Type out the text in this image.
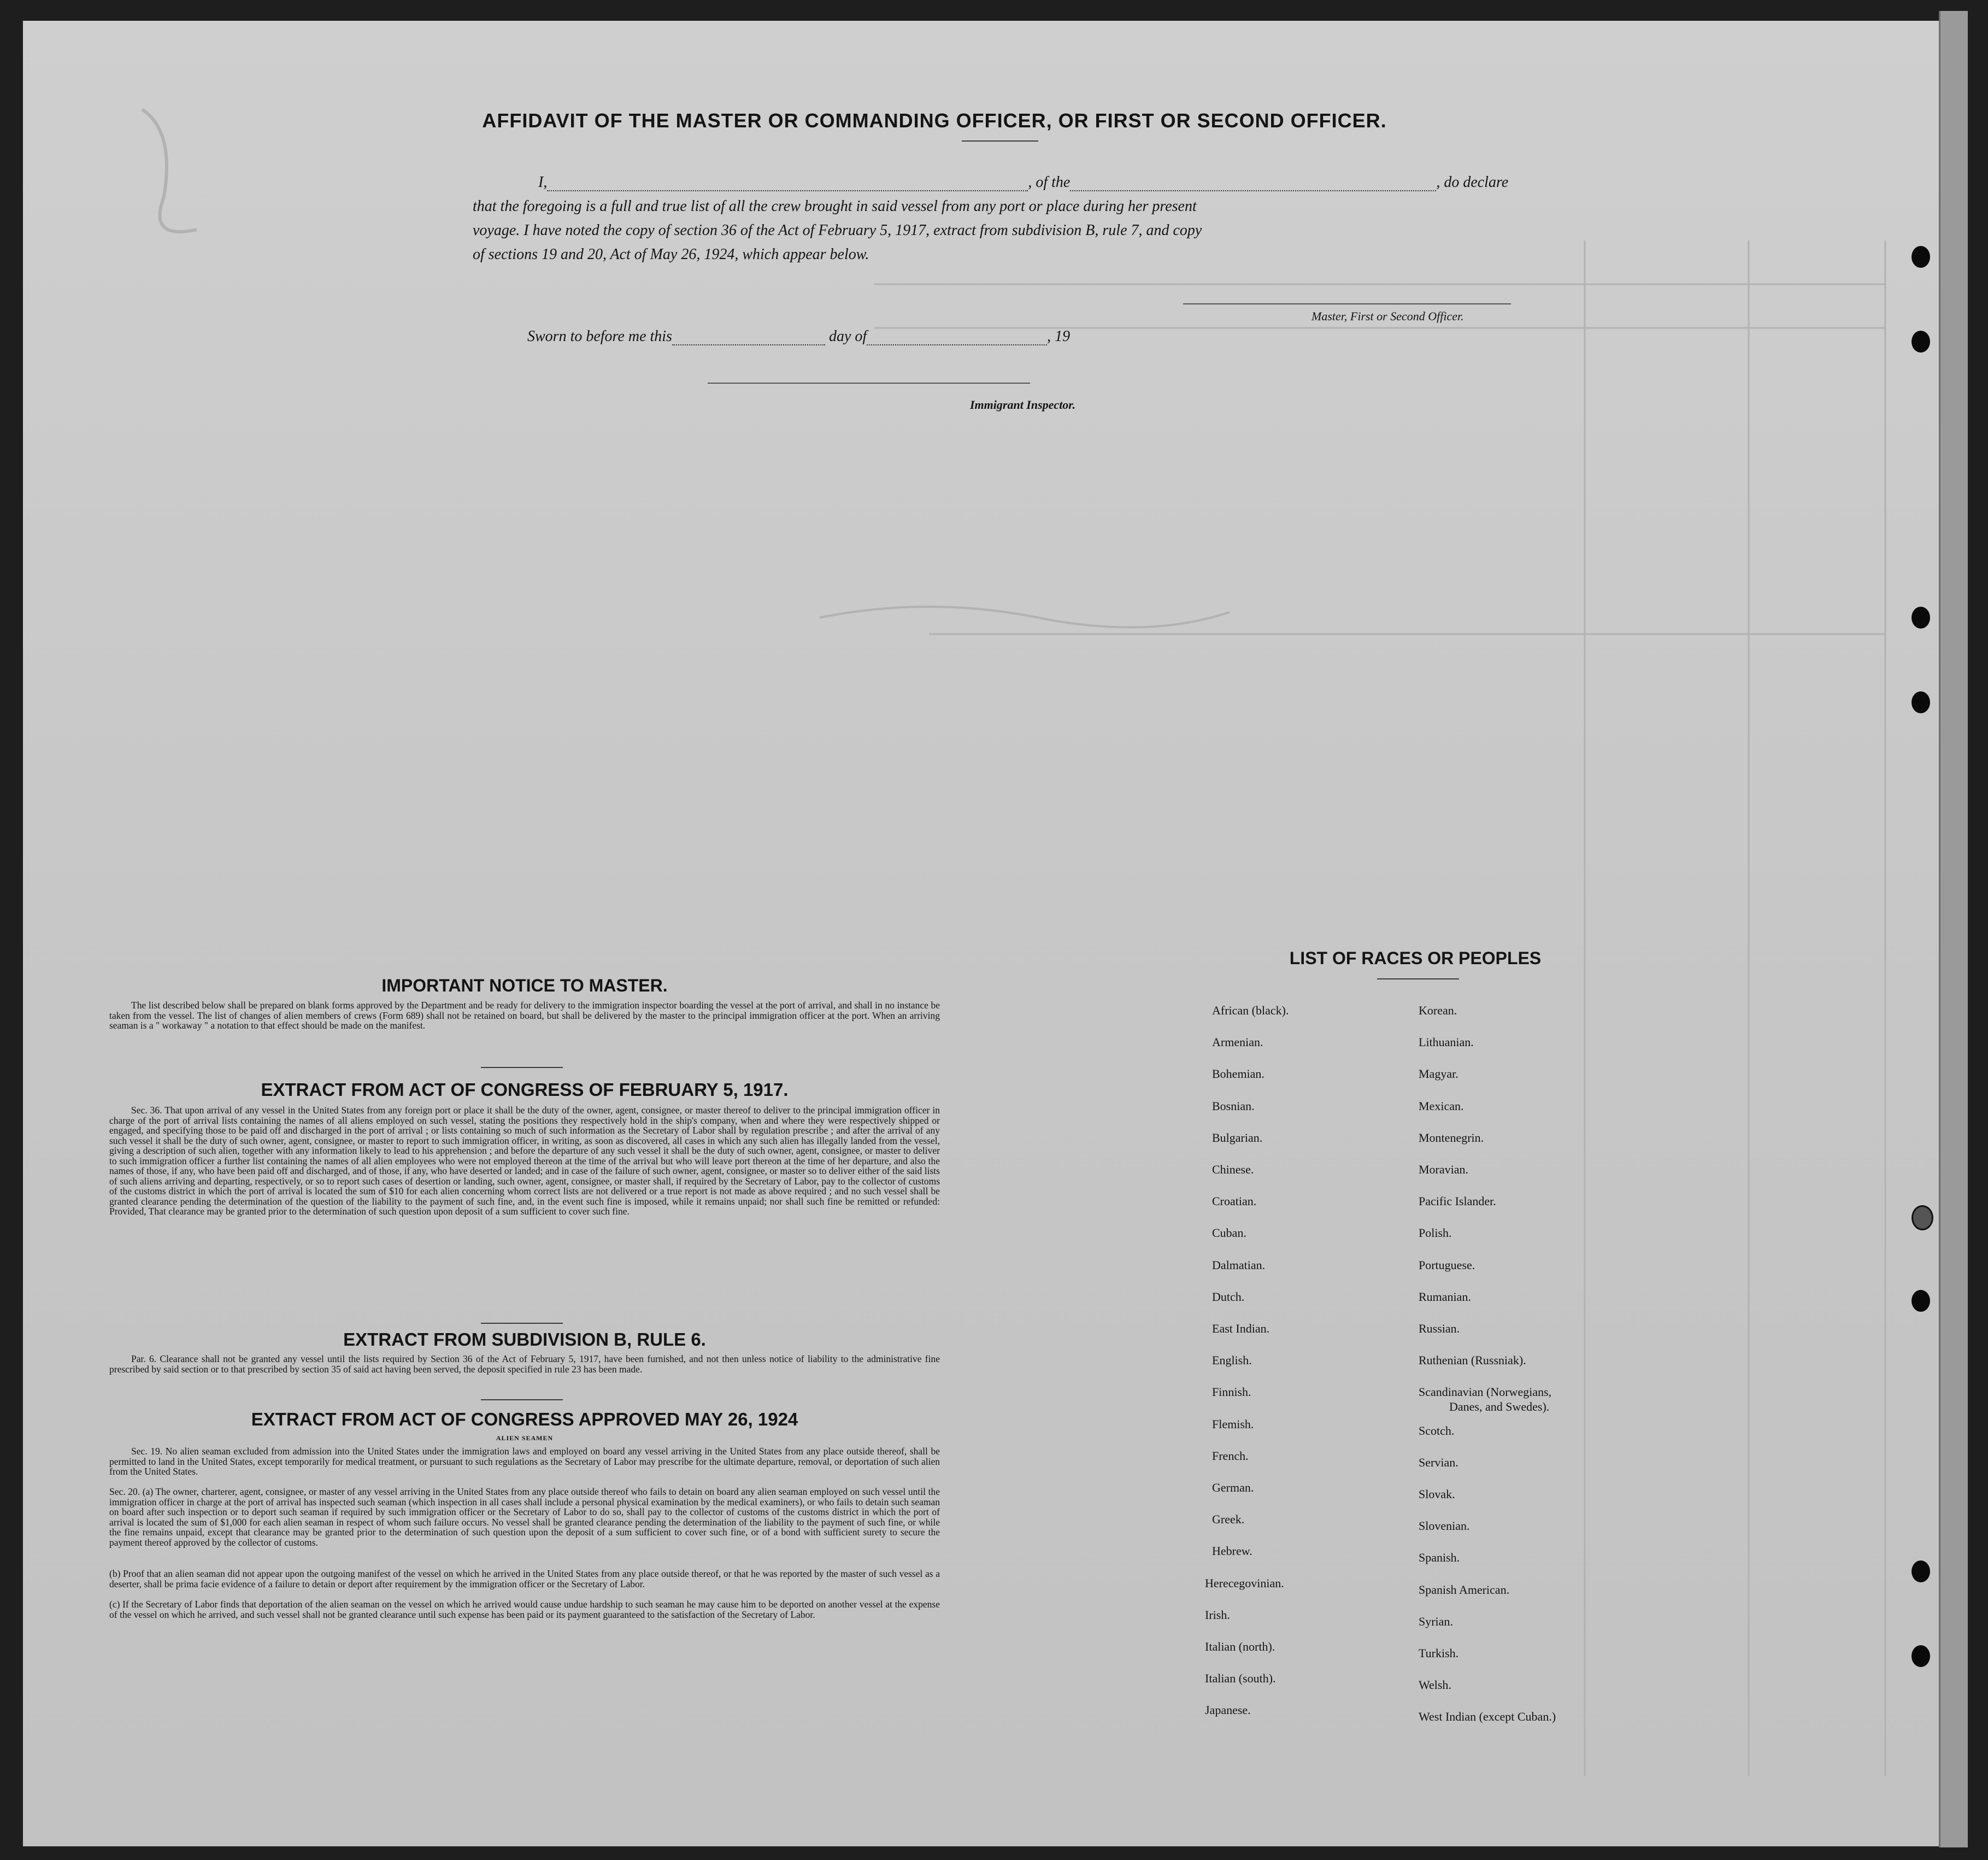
AFFIDAVIT OF THE MASTER OR COMMANDING OFFICER, OR FIRST OR SECOND OFFICER.
I,	, of the	, do declare
that the foregoing is a full and true list of all the crew brought in said vessel from any port or place during her present
voyage. I have noted the copy of section 36 of the Act of February 5, 1917, extract from subdivision B, rule 7, and copy
of sections 19 and 20, Act of May 26, 1924, which appear below.
Master, First or Second Officer.
Sworn to before me this	day of	, 19
Immigrant Inspector.
IMPORTANT NOTICE TO MASTER.
The list described below shall be prepared on blank forms approved by the Department and be ready for delivery to the immigration inspector boarding the vessel at the port of arrival, and shall in no instance be taken from the vessel. The list of changes of alien members of crews (Form 689) shall not be retained on board, but shall be delivered by the master to the principal immigration officer at the port. When an arriving seaman is a " workaway " a notation to that effect should be made on the manifest.
EXTRACT FROM ACT OF CONGRESS OF FEBRUARY 5, 1917.
Sec. 36. That upon arrival of any vessel in the United States from any foreign port or place it shall be the duty of the owner, agent, consignee, or master thereof to deliver to the principal immigration officer in charge of the port of arrival lists containing the names of all aliens employed on such vessel, stating the positions they respectively hold in the ship's company, when and where they were respectively shipped or engaged, and specifying those to be paid off and discharged in the port of arrival ; or lists containing so much of such information as the Secretary of Labor shall by regulation prescribe ; and after the arrival of any such vessel it shall be the duty of such owner, agent, consignee, or master to report to such immigration officer, in writing, as soon as discovered, all cases in which any such alien has illegally landed from the vessel, giving a description of such alien, together with any information likely to lead to his apprehension ; and before the departure of any such vessel it shall be the duty of such owner, agent, consignee, or master to deliver to such immigration officer a further list containing the names of all alien employees who were not employed thereon at the time of the arrival but who will leave port thereon at the time of her departure, and also the names of those, if any, who have been paid off and discharged, and of those, if any, who have deserted or landed; and in case of the failure of such owner, agent, consignee, or master so to deliver either of the said lists of such aliens arriving and departing, respectively, or so to report such cases of desertion or landing, such owner, agent, consignee, or master shall, if required by the Secretary of Labor, pay to the collector of customs of the customs district in which the port of arrival is located the sum of $10 for each alien concerning whom correct lists are not delivered or a true report is not made as above required ; and no such vessel shall be granted clearance pending the determination of the question of the liability to the payment of such fine, and, in the event such fine is imposed, while it remains unpaid; nor shall such fine be remitted or refunded: Provided, That clearance may be granted prior to the determination of such question upon deposit of a sum sufficient to cover such fine.
EXTRACT FROM SUBDIVISION B, RULE 6.
Par. 6. Clearance shall not be granted any vessel until the lists required by Section 36 of the Act of February 5, 1917, have been furnished, and not then unless notice of liability to the administrative fine prescribed by said section or to that prescribed by section 35 of said act having been served, the deposit specified in rule 23 has been made.
EXTRACT FROM ACT OF CONGRESS APPROVED MAY 26, 1924
ALIEN SEAMEN
Sec. 19. No alien seaman excluded from admission into the United States under the immigration laws and employed on board any vessel arriving in the United States from any place outside thereof, shall be permitted to land in the United States, except temporarily for medical treatment, or pursuant to such regulations as the Secretary of Labor may prescribe for the ultimate departure, removal, or deportation of such alien from the United States.
Sec. 20. (a) The owner, charterer, agent, consignee, or master of any vessel arriving in the United States from any place outside thereof who fails to detain on board any alien seaman employed on such vessel until the immigration officer in charge at the port of arrival has inspected such seaman (which inspection in all cases shall include a personal physical examination by the medical examiners), or who fails to detain such seaman on board after such inspection or to deport such seaman if required by such immigration officer or the Secretary of Labor to do so, shall pay to the collector of customs of the customs district in which the port of arrival is located the sum of $1,000 for each alien seaman in respect of whom such failure occurs. No vessel shall be granted clearance pending the determination of the liability to the payment of such fine, or while the fine remains unpaid, except that clearance may be granted prior to the determination of such question upon the deposit of a sum sufficient to cover such fine, or of a bond with sufficient surety to secure the payment thereof approved by the collector of customs.
(b) Proof that an alien seaman did not appear upon the outgoing manifest of the vessel on which he arrived in the United States from any place outside thereof, or that he was reported by the master of such vessel as a deserter, shall be prima facie evidence of a failure to detain or deport after requirement by the immigration officer or the Secretary of Labor.
(c) If the Secretary of Labor finds that deportation of the alien seaman on the vessel on which he arrived would cause undue hardship to such seaman he may cause him to be deported on another vessel at the expense of the vessel on which he arrived, and such vessel shall not be granted clearance until such expense has been paid or its payment guaranteed to the satisfaction of the Secretary of Labor.
LIST OF RACES OR PEOPLES
African (black).
Armenian.
Bohemian.
Bosnian.
Bulgarian.
Chinese.
Croatian.
Cuban.
Dalmatian.
Dutch.
East Indian.
English.
Finnish.
Flemish.
French.
German.
Greek.
Hebrew.
Herecegovinian.
Irish.
Italian (north).
Italian (south).
Japanese.
Korean.
Lithuanian.
Magyar.
Mexican.
Montenegrin.
Moravian.
Pacific Islander.
Polish.
Portuguese.
Rumanian.
Russian.
Ruthenian (Russniak).
Scandinavian (Norwegians,
Danes, and Swedes).
Scotch.
Servian.
Slovak.
Slovenian.
Spanish.
Spanish American.
Syrian.
Turkish.
Welsh.
West Indian (except Cuban.)
